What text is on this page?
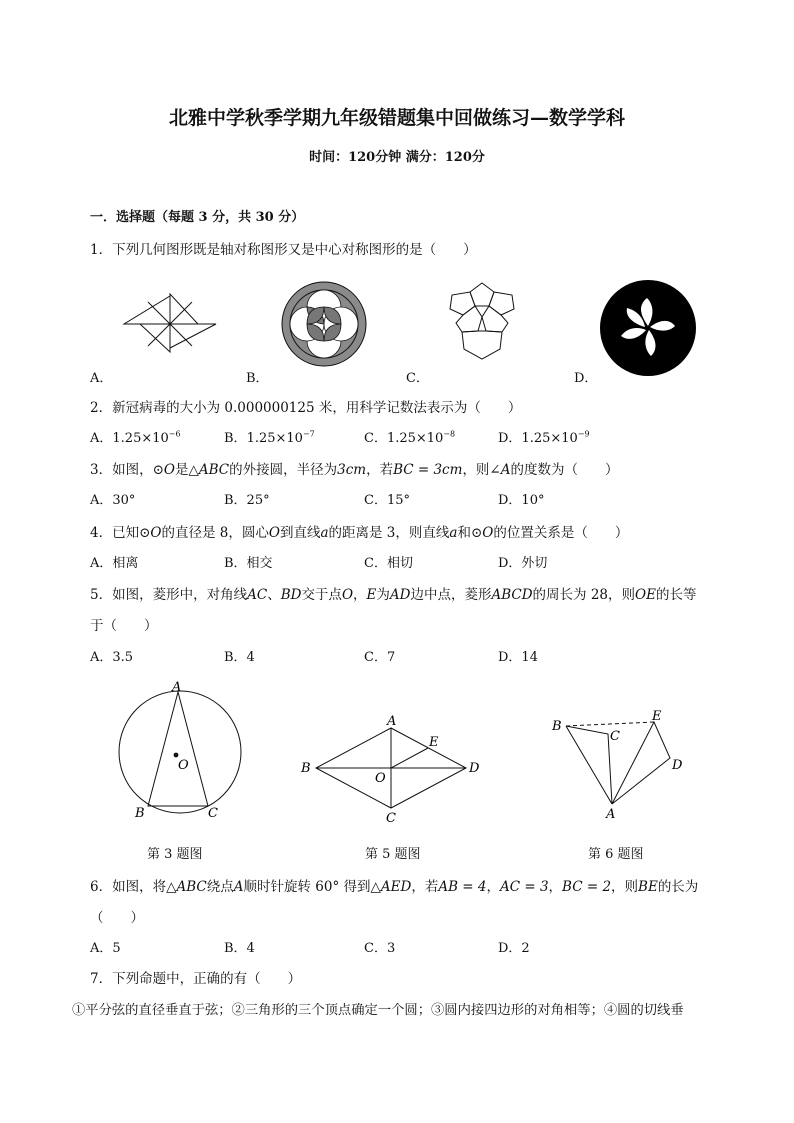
北雅中学秋季学期九年级错题集中回做练习—数学学科
时间：120分钟 满分：120分
一．选择题（每题 3 分，共 30 分）
1．下列几何图形既是轴对称图形又是中心对称图形的是（　　）
A．	B．	C．	D．
2．新冠病毒的大小为 0.000000125 米，用科学记数法表示为（　　）
A．$1.25\times 10^{-6}$	B．$1.25\times 10^{-7}$	C．$1.25\times 10^{-8}$	D．$1.25\times 10^{-9}$
3．如图，⊙O是△ABC的外接圆，半径为3cm，若BC = 3cm，则∠A的度数为（　　）
A．30°	B．25°	C．15°	D．10°
4．已知⊙O的直径是 8，圆心O到直线a的距离是 3，则直线a和⊙O的位置关系是（　　）
A．相离	B．相交	C．相切	D．外切
5．如图，菱形中，对角线AC、BD交于点O，E为AD边中点，菱形ABCD的周长为 28，则OE的长等
于（　　）
A．3.5	B．4	C．7	D．14
A
B	C
O
第 3 题图
A
B
C
D
E
O
第 5 题图
B
C
E
D
A
第 6 题图
6．如图，将△ABC绕点A顺时针旋转 60° 得到△AED，若AB = 4，AC = 3，BC = 2，则BE的长为
（　　）
A．5	B．4	C．3	D．2
7．下列命题中，正确的有（　　）
①平分弦的直径垂直于弦；②三角形的三个顶点确定一个圆；③圆内接四边形的对角相等；④圆的切线垂
